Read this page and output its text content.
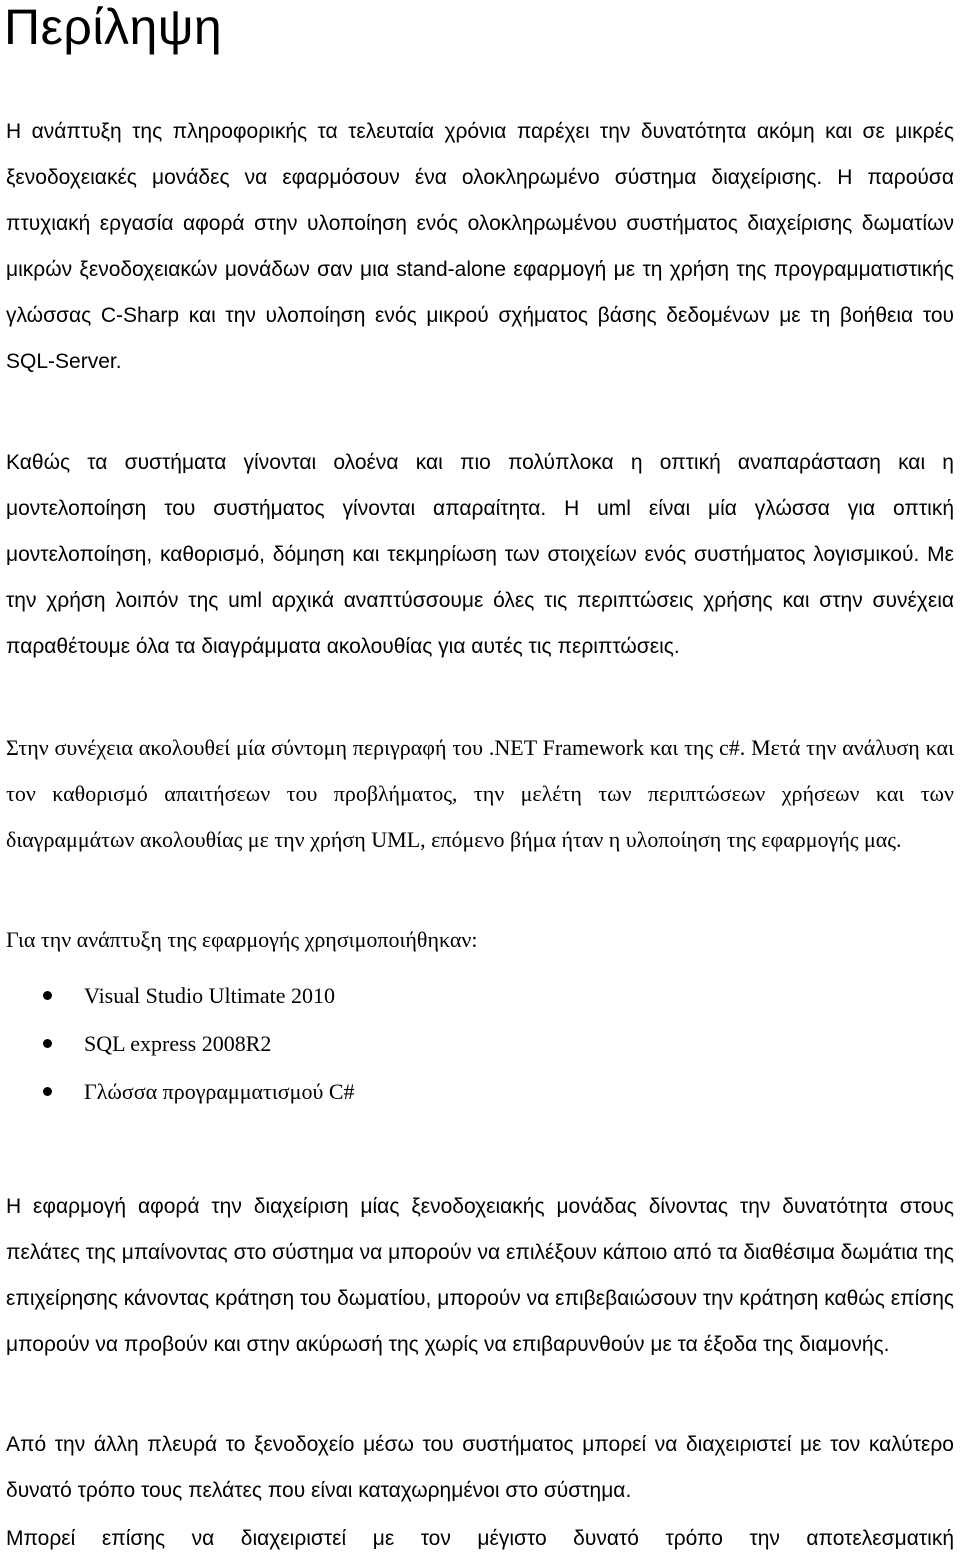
Περίληψη

Η ανάπτυξη της πληροφορικής τα τελευταία χρόνια παρέχει την δυνατότητα ακόμη και σε μικρές ξενοδοχειακές μονάδες να εφαρμόσουν ένα ολοκληρωμένο σύστημα διαχείρισης. Η παρούσα πτυχιακή εργασία αφορά στην υλοποίηση ενός ολοκληρωμένου συστήματος διαχείρισης δωματίων μικρών ξενοδοχειακών μονάδων σαν μια stand-alone εφαρμογή με τη χρήση της προγραμματιστικής γλώσσας C-Sharp και την υλοποίηση ενός μικρού σχήματος βάσης δεδομένων με τη βοήθεια του SQL-Server.

Καθώς τα συστήματα γίνονται ολοένα και πιο πολύπλοκα η οπτική αναπαράσταση και η μοντελοποίηση του συστήματος γίνονται απαραίτητα. Η uml είναι μία γλώσσα για οπτική μοντελοποίηση, καθορισμό, δόμηση και τεκμηρίωση των στοιχείων ενός συστήματος λογισμικού. Με την χρήση λοιπόν της uml αρχικά αναπτύσσουμε όλες τις περιπτώσεις χρήσης και στην συνέχεια παραθέτουμε όλα τα διαγράμματα ακολουθίας για αυτές τις περιπτώσεις.

Στην συνέχεια ακολουθεί μία σύντομη περιγραφή του .NET Framework και της c#. Μετά την ανάλυση και τον καθορισμό απαιτήσεων του προβλήματος, την μελέτη των περιπτώσεων χρήσεων και των διαγραμμάτων ακολουθίας με την χρήση UML, επόμενο βήμα ήταν η υλοποίηση της εφαρμογής μας.

Για την ανάπτυξη της εφαρμογής χρησιμοποιήθηκαν:

Visual Studio Ultimate 2010
SQL express 2008R2
Γλώσσα προγραμματισμού C#

Η εφαρμογή αφορά την διαχείριση μίας ξενοδοχειακής μονάδας δίνοντας την δυνατότητα στους πελάτες της μπαίνοντας στο σύστημα να μπορούν να επιλέξουν κάποιο από τα διαθέσιμα δωμάτια της επιχείρησης κάνοντας κράτηση του δωματίου, μπορούν να επιβεβαιώσουν την κράτηση καθώς επίσης μπορούν να προβούν και στην ακύρωσή της χωρίς να επιβαρυνθούν με τα έξοδα της διαμονής.

Από την άλλη πλευρά το ξενοδοχείο μέσω του συστήματος μπορεί να διαχειριστεί με τον καλύτερο δυνατό τρόπο τους πελάτες που είναι καταχωρημένοι στο σύστημα.

Μπορεί επίσης να διαχειριστεί με τον μέγιστο δυνατό τρόπο την αποτελεσματική
